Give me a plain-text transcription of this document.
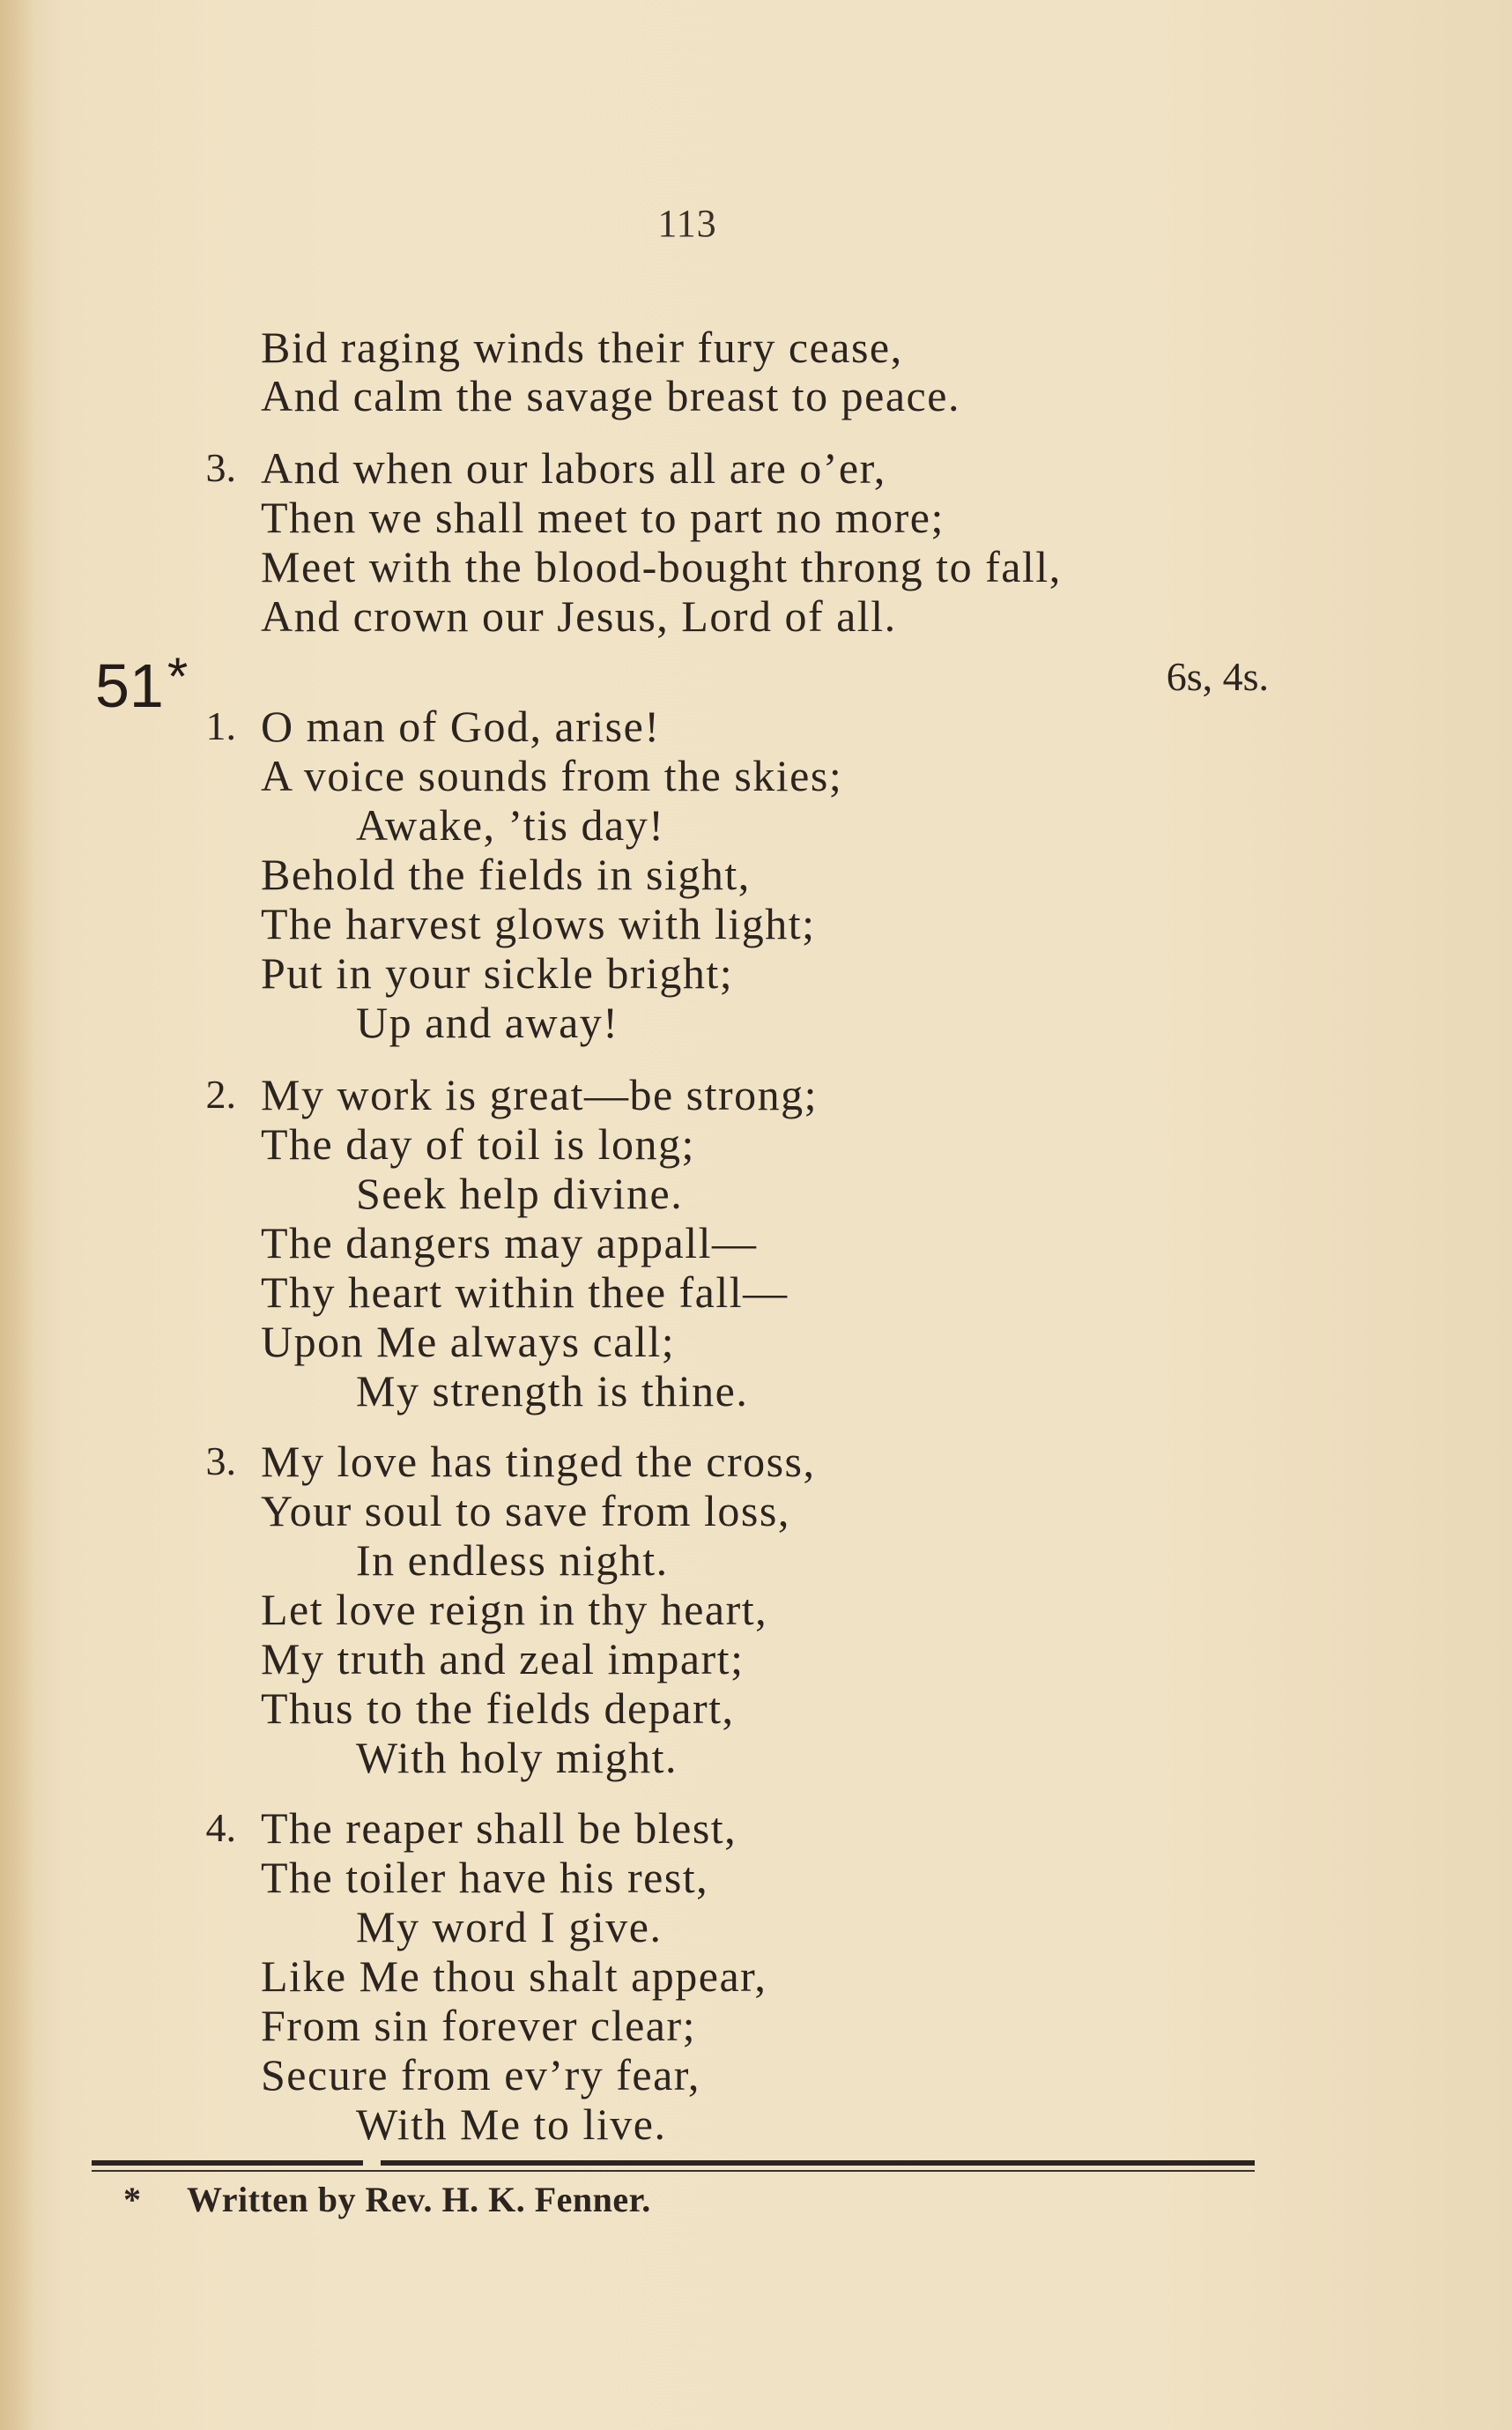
113
Bid raging winds their fury cease,
And calm the savage breast to peace.
3. And when our labors all are o’er,
Then we shall meet to part no more;
Meet with the blood-bought throng to fall,
And crown our Jesus, Lord of all.
51*	6s, 4s.
1. O man of God, arise!
A voice sounds from the skies;
Awake, ’tis day!
Behold the fields in sight,
The harvest glows with light;
Put in your sickle bright;
Up and away!
2. My work is great—be strong;
The day of toil is long;
Seek help divine.
The dangers may appall—
Thy heart within thee fall—
Upon Me always call;
My strength is thine.
3. My love has tinged the cross,
Your soul to save from loss,
In endless night.
Let love reign in thy heart,
My truth and zeal impart;
Thus to the fields depart,
With holy might.
4. The reaper shall be blest,
The toiler have his rest,
My word I give.
Like Me thou shalt appear,
From sin forever clear;
Secure from ev’ry fear,
With Me to live.
* Written by Rev. H. K. Fenner.
